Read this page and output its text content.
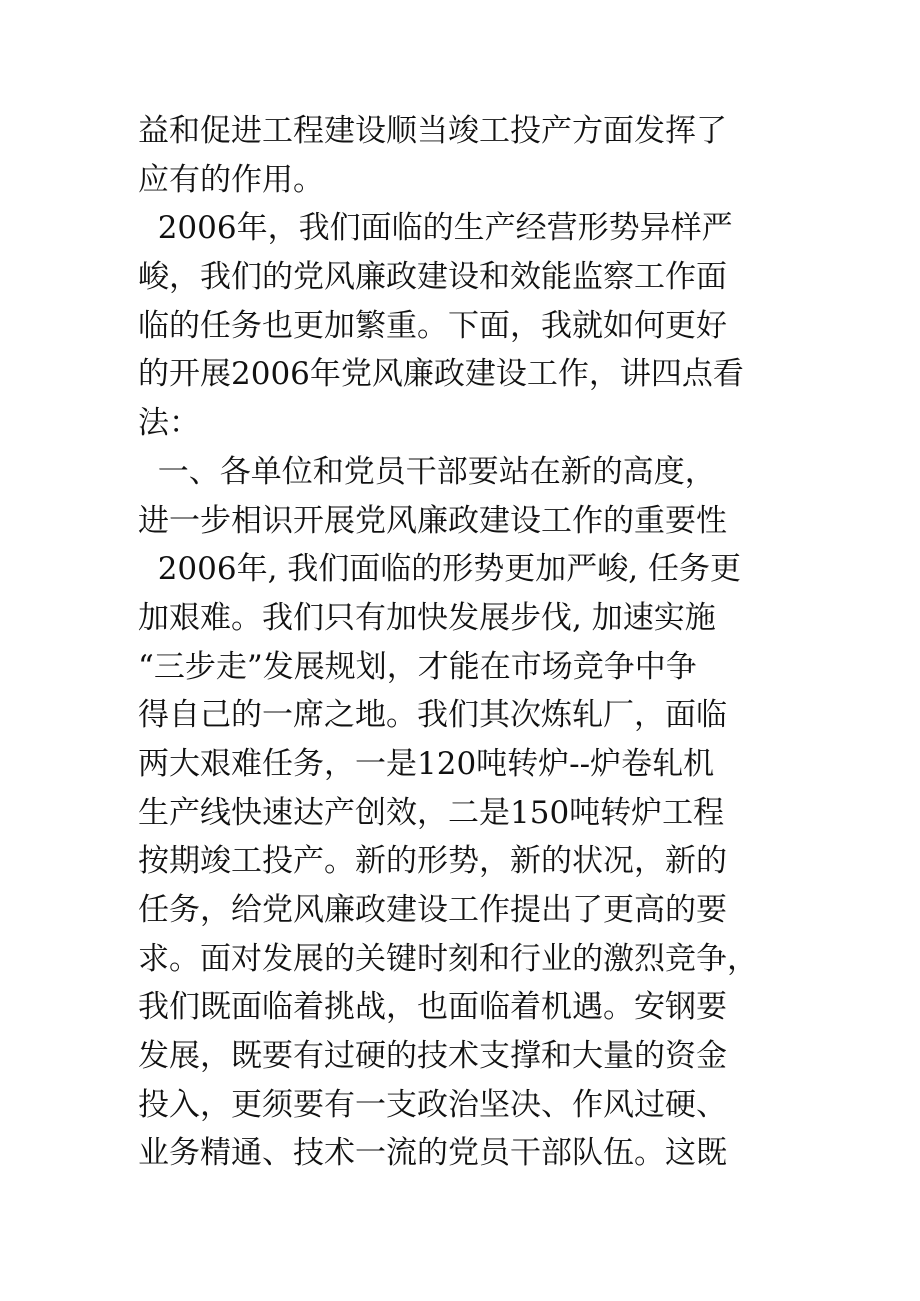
益和促进工程建设顺当竣工投产方面发挥了
应有的作用。
2006年，我们面临的生产经营形势异样严
峻，我们的党风廉政建设和效能监察工作面
临的任务也更加繁重。下面，我就如何更好
的开展2006年党风廉政建设工作，讲四点看
法：
一、各单位和党员干部要站在新的高度，
进一步相识开展党风廉政建设工作的重要性
2006年, 我们面临的形势更加严峻, 任务更
加艰难。我们只有加快发展步伐, 加速实施
“三步走”发展规划，才能在市场竞争中争
得自己的一席之地。我们其次炼轧厂，面临
两大艰难任务，一是120吨转炉--炉卷轧机
生产线快速达产创效，二是150吨转炉工程
按期竣工投产。新的形势，新的状况，新的
任务，给党风廉政建设工作提出了更高的要
求。面对发展的关键时刻和行业的激烈竞争，
我们既面临着挑战，也面临着机遇。安钢要
发展，既要有过硬的技术支撑和大量的资金
投入，更须要有一支政治坚决、作风过硬、
业务精通、技术一流的党员干部队伍。这既
